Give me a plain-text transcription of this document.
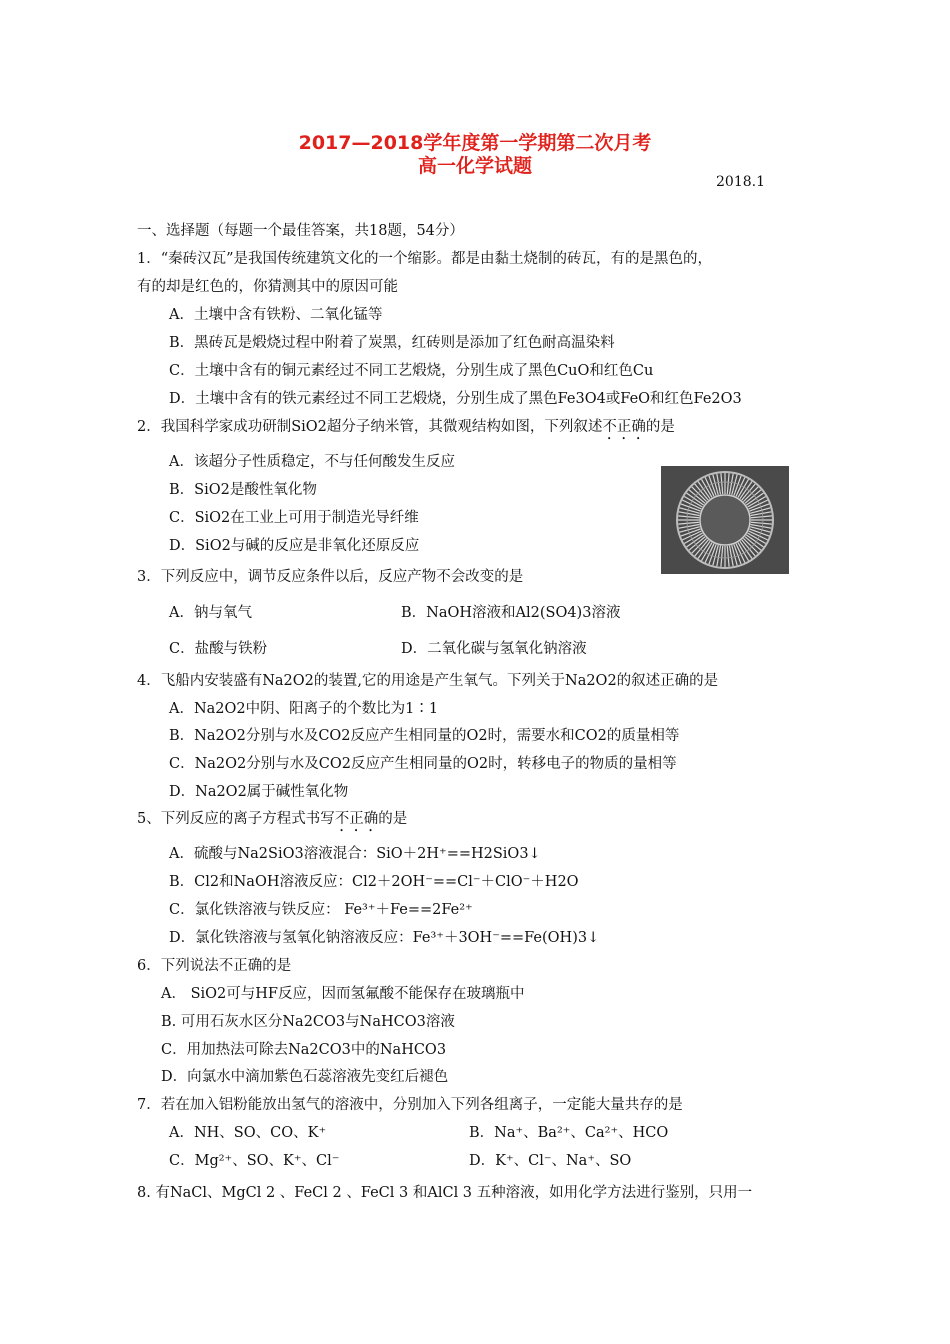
2017—2018学年度第一学期第二次月考
高一化学试题
2018.1
一、选择题（每题一个最佳答案，共18题，54分）
1．“秦砖汉瓦”是我国传统建筑文化的一个缩影。都是由黏土烧制的砖瓦，有的是黑色的，
有的却是红色的，你猜测其中的原因可能
A．土壤中含有铁粉、二氧化锰等
B．黑砖瓦是煅烧过程中附着了炭黑，红砖则是添加了红色耐高温染料
C．土壤中含有的铜元素经过不同工艺煅烧，分别生成了黑色CuO和红色Cu
D．土壤中含有的铁元素经过不同工艺煅烧，分别生成了黑色Fe3O4或FeO和红色Fe2O3
2．我国科学家成功研制SiO2超分子纳米管，其微观结构如图，下列叙述不正确的是
A．该超分子性质稳定，不与任何酸发生反应
B．SiO2是酸性氧化物
C．SiO2在工业上可用于制造光导纤维
D．SiO2与碱的反应是非氧化还原反应
3．下列反应中，调节反应条件以后，反应产物不会改变的是
A．钠与氧气	B．NaOH溶液和Al2(SO4)3溶液
C．盐酸与铁粉	D．二氧化碳与氢氧化钠溶液
4．飞船内安装盛有Na2O2的装置,它的用途是产生氧气。下列关于Na2O2的叙述正确的是
A．Na2O2中阴、阳离子的个数比为1∶1
B．Na2O2分别与水及CO2反应产生相同量的O2时，需要水和CO2的质量相等
C．Na2O2分别与水及CO2反应产生相同量的O2时，转移电子的物质的量相等
D．Na2O2属于碱性氧化物
5、下列反应的离子方程式书写不正确的是
A．硫酸与Na2SiO3溶液混合：SiO＋2H⁺==H2SiO3↓
B．Cl2和NaOH溶液反应：Cl2＋2OH⁻==Cl⁻＋ClO⁻＋H2O
C．氯化铁溶液与铁反应： Fe³⁺＋Fe==2Fe²⁺
D．氯化铁溶液与氢氧化钠溶液反应：Fe³⁺＋3OH⁻==Fe(OH)3↓
6．下列说法不正确的是
A． SiO2可与HF反应，因而氢氟酸不能保存在玻璃瓶中
B. 可用石灰水区分Na2CO3与NaHCO3溶液
C．用加热法可除去Na2CO3中的NaHCO3
D．向氯水中滴加紫色石蕊溶液先变红后褪色
7．若在加入铝粉能放出氢气的溶液中，分别加入下列各组离子，一定能大量共存的是
A．NH、SO、CO、K⁺	B．Na⁺、Ba²⁺、Ca²⁺、HCO
C．Mg²⁺、SO、K⁺、Cl⁻	D．K⁺、Cl⁻、Na⁺、SO
8. 有NaCl、MgCl 2 、FeCl 2 、FeCl 3 和AlCl 3 五种溶液，如用化学方法进行鉴别，只用一
